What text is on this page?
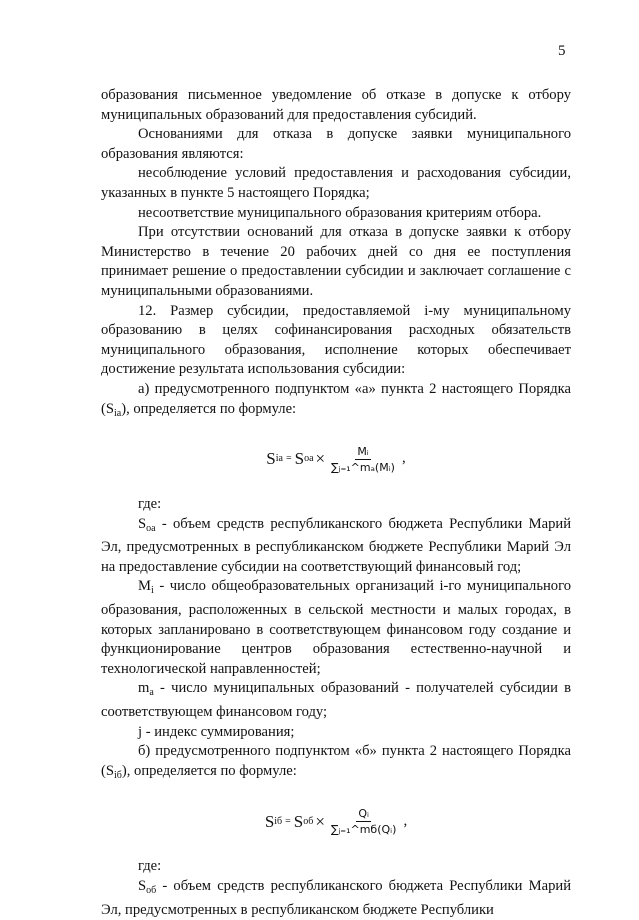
5

образования письменное уведомление об отказе в допуске к отбору муниципальных образований для предоставления субсидий.

Основаниями для отказа в допуске заявки муниципального образования являются:

несоблюдение условий предоставления и расходования субсидии, указанных в пункте 5 настоящего Порядка;

несоответствие муниципального образования критериям отбора.

При отсутствии оснований для отказа в допуске заявки к отбору Министерство в течение 20 рабочих дней со дня ее поступления принимает решение о предоставлении субсидии и заключает соглашение с муниципальными образованиями.

12. Размер субсидии, предоставляемой i-му муниципальному образованию в целях софинансирования расходных обязательств муниципального образования, исполнение которых обеспечивает достижение результата использования субсидии:

а) предусмотренного подпунктом «а» пункта 2 настоящего Порядка $(S_{ia})$, определяется по формуле:

S ia = S oa × $\frac{\text{Mᵢ}}{\text{∑ⱼ₌₁\textasciicircum{}mₐ(Mᵢ)}}$ ,

где:

$S_{oa}$ - объем средств республиканского бюджета Республики Марий Эл, предусмотренных в республиканском бюджете Республики Марий Эл на предоставление субсидии на соответствующий финансовый год;

$M_i$ - число общеобразовательных организаций i-го муниципального образования, расположенных в сельской местности и малых городах, в которых запланировано в соответствующем финансовом году создание и функционирование центров образования естественно-научной и технологической направленностей;

$m_a$ - число муниципальных образований - получателей субсидии в соответствующем финансовом году;

j - индекс суммирования;

б) предусмотренного подпунктом «б» пункта 2 настоящего Порядка $(S_{iб})$, определяется по формуле:

S iб = S об × $\frac{\text{Qᵢ}}{\text{∑ⱼ₌₁\textasciicircum{}mб(Qᵢ)}}$ ,

где:

$S_{об}$ - объем средств республиканского бюджета Республики Марий Эл, предусмотренных в республиканском бюджете Республики
